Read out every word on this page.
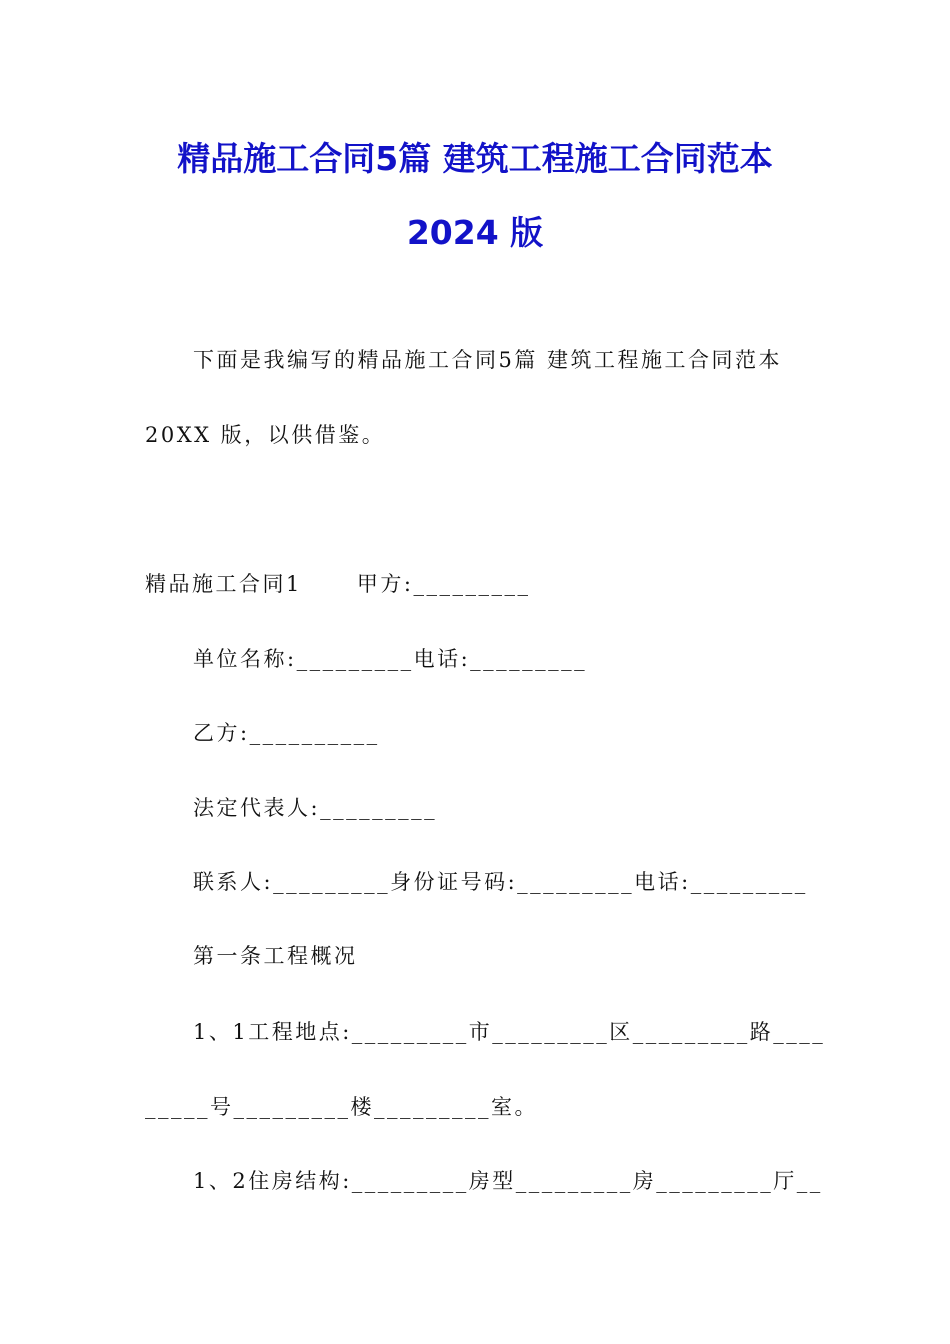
精品施工合同5篇 建筑工程施工合同范本
2024 版
下面是我编写的精品施工合同5篇 建筑工程施工合同范本
20XX 版，以供借鉴。
精品施工合同1      甲方:_________
单位名称:_________电话:_________
乙方:__________
法定代表人:_________
联系人:_________身份证号码:_________电话:_________
第一条工程概况
1、1工程地点:_________市_________区_________路____
_____号_________楼_________室。
1、2住房结构:_________房型_________房_________厅__
